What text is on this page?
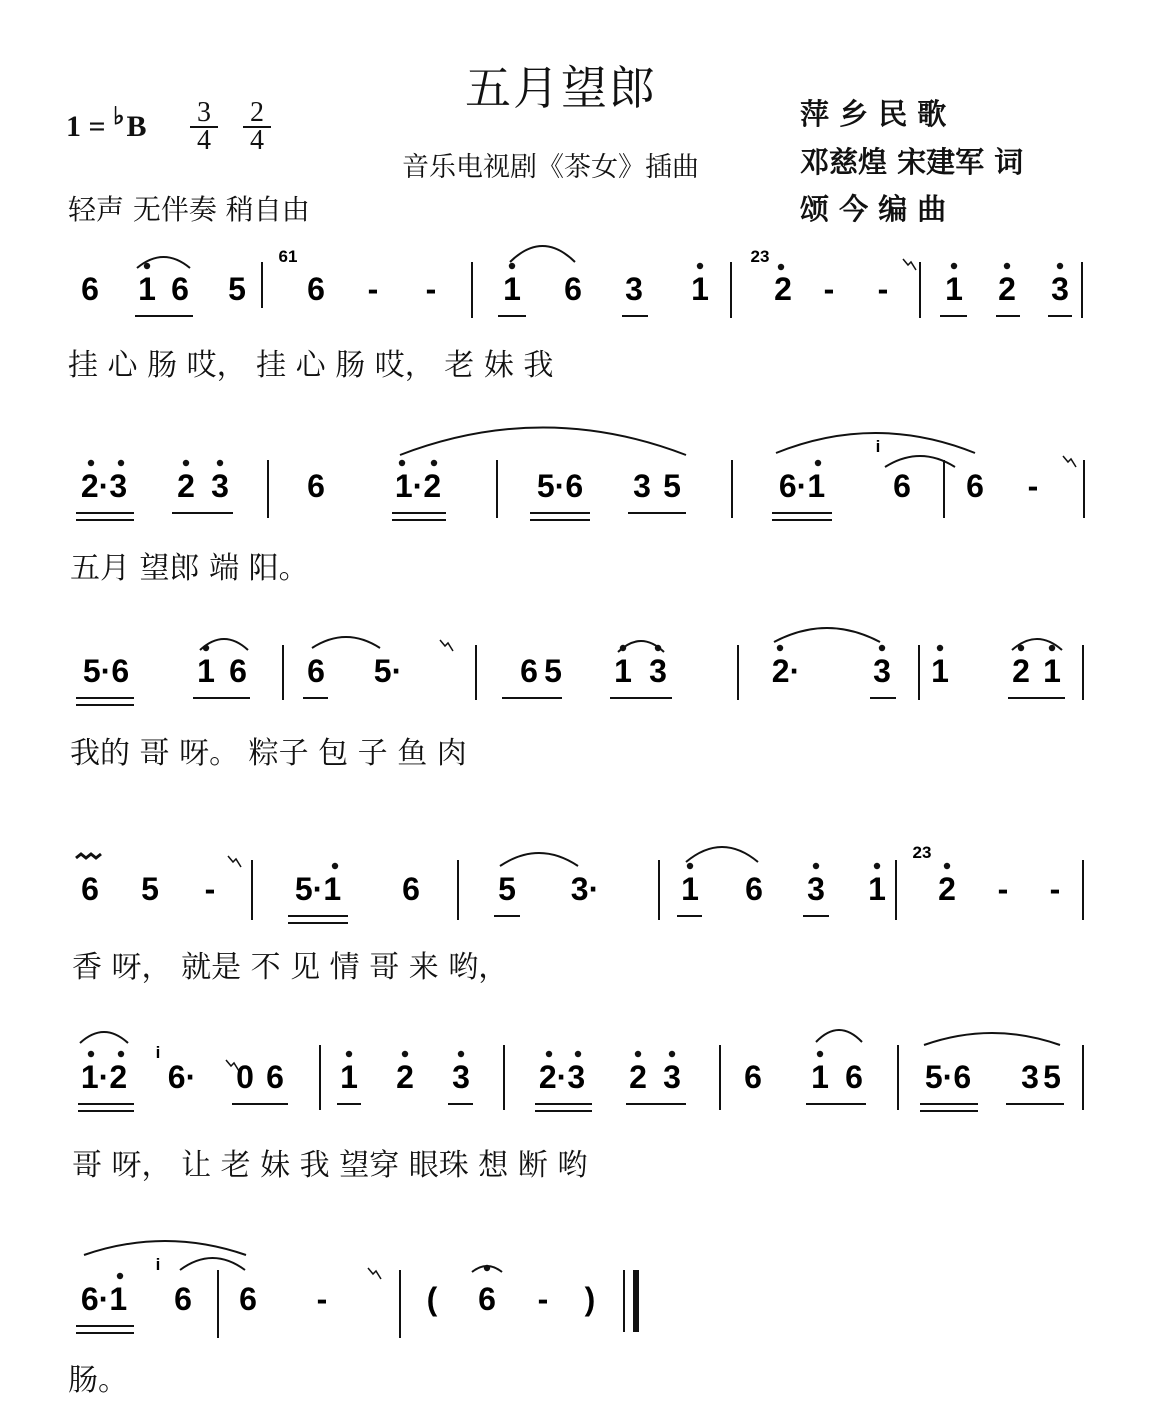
五月望郎
1 = ♭B 3
4
2
4
音乐电视剧《茶女》插曲
轻声 无伴奏 稍自由
萍 乡 民 歌
邓慈煌 宋建军 词
颂 今 编 曲
6 1 6 5 6 - - 1 6 3 1 2 - - 1 2 3
61	23
2·3 2 3 6 1·2	5·6 3 5	6·1 6 6 -
i
5·6 1 6 6 5·	6 5 1 3	2· 3 1 2 1
6 5 - 5·1 6 5 3·	1 6 3 1 2 - -
23
1·2 6·
i
0 6 1 2 3 2·3 2 3 6 1 6 5·6 3 5
6·1 6
i
6 -	( 6 - )
挂 心 肠 哎， 挂 心 肠 哎， 老 妹 我
五月 望郎 端 阳。
我的 哥 呀。 粽子 包 子 鱼 肉
香 呀， 就是 不 见 情 哥 来 哟，
哥 呀， 让 老 妹 我 望穿 眼珠 想 断 哟
肠。
